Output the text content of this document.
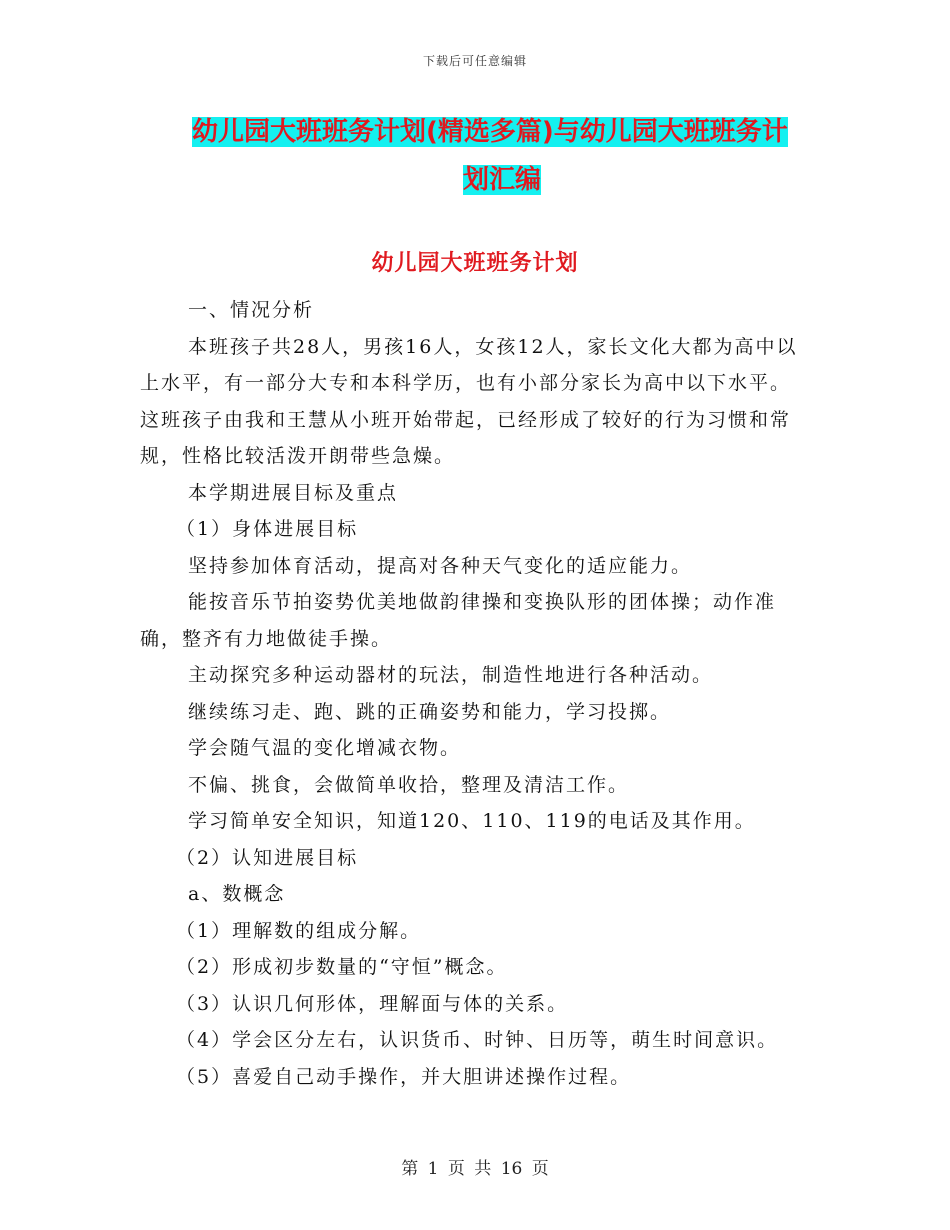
下载后可任意编辑
幼儿园大班班务计划(精选多篇)与幼儿园大班班务计
划汇编
幼儿园大班班务计划

一、情况分析

本班孩子共28人，男孩16人，女孩12人，家长文化大都为高中以上水平，有一部分大专和本科学历，也有小部分家长为高中以下水平。这班孩子由我和王慧从小班开始带起，已经形成了较好的行为习惯和常规，性格比较活泼开朗带些急燥。

本学期进展目标及重点

（1）身体进展目标

坚持参加体育活动，提高对各种天气变化的适应能力。

能按音乐节拍姿势优美地做韵律操和变换队形的团体操；动作准确，整齐有力地做徒手操。

主动探究多种运动器材的玩法，制造性地进行各种活动。

继续练习走、跑、跳的正确姿势和能力，学习投掷。

学会随气温的变化增减衣物。

不偏、挑食，会做简单收拾，整理及清洁工作。

学习简单安全知识，知道120、110、119的电话及其作用。

（2）认知进展目标

a、数概念

（1）理解数的组成分解。

（2）形成初步数量的“守恒”概念。

（3）认识几何形体，理解面与体的关系。

（4）学会区分左右，认识货币、时钟、日历等，萌生时间意识。

（5）喜爱自己动手操作，并大胆讲述操作过程。

第 1 页 共 16 页
